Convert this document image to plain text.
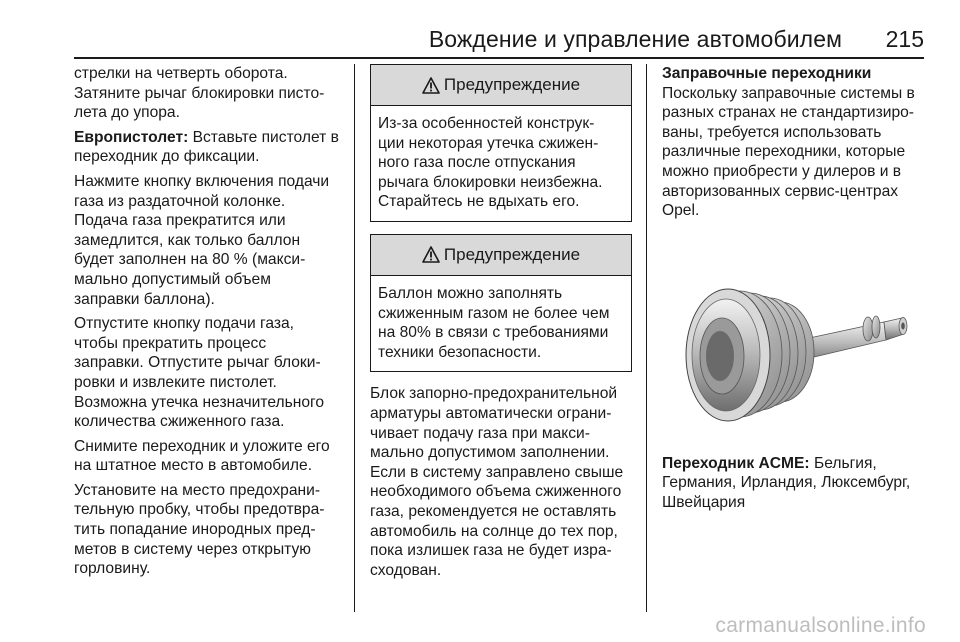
Вождение и управление автомобилем 215

стрелки на четверть оборота.
Затяните рычаг блокировки писто-
лета до упора.

Европистолет: Вставьте пистолет в
переходник до фиксации.

Нажмите кнопку включения подачи
газа из раздаточной колонке.
Подача газа прекратится или
замедлится, как только баллон
будет заполнен на 80 % (макси-
мально допустимый объем
заправки баллона).

Отпустите кнопку подачи газа,
чтобы прекратить процесс
заправки. Отпустите рычаг блоки-
ровки и извлеките пистолет.
Возможна утечка незначительного
количества сжиженного газа.

Снимите переходник и уложите его
на штатное место в автомобиле.

Установите на место предохрани-
тельную пробку, чтобы предотвра-
тить попадание инородных пред-
метов в систему через открытую
горловину.

Предупреждение
Из-за особенностей конструк-
ции некоторая утечка сжижен-
ного газа после отпускания
рычага блокировки неизбежна.
Старайтесь не вдыхать его.
Предупреждение
Баллон можно заполнять
сжиженным газом не более чем
на 80% в связи с требованиями
техники безопасности.
Блок запорно-предохранительной
арматуры автоматически ограни-
чивает подачу газа при макси-
мально допустимом заполнении.
Если в систему заправлено свыше
необходимого объема сжиженного
газа, рекомендуется не оставлять
автомобиль на солнце до тех пор,
пока излишек газа не будет изра-
сходован.
Заправочные переходники

Поскольку заправочные системы в
разных странах не стандартизиро-
ваны, требуется использовать
различные переходники, которые
можно приобрести у дилеров и в
авторизованных сервис-центрах
Opel.

Переходник ACME: Бельгия,
Германия, Ирландия, Люксембург,
Швейцария
carmanualsonline.info
